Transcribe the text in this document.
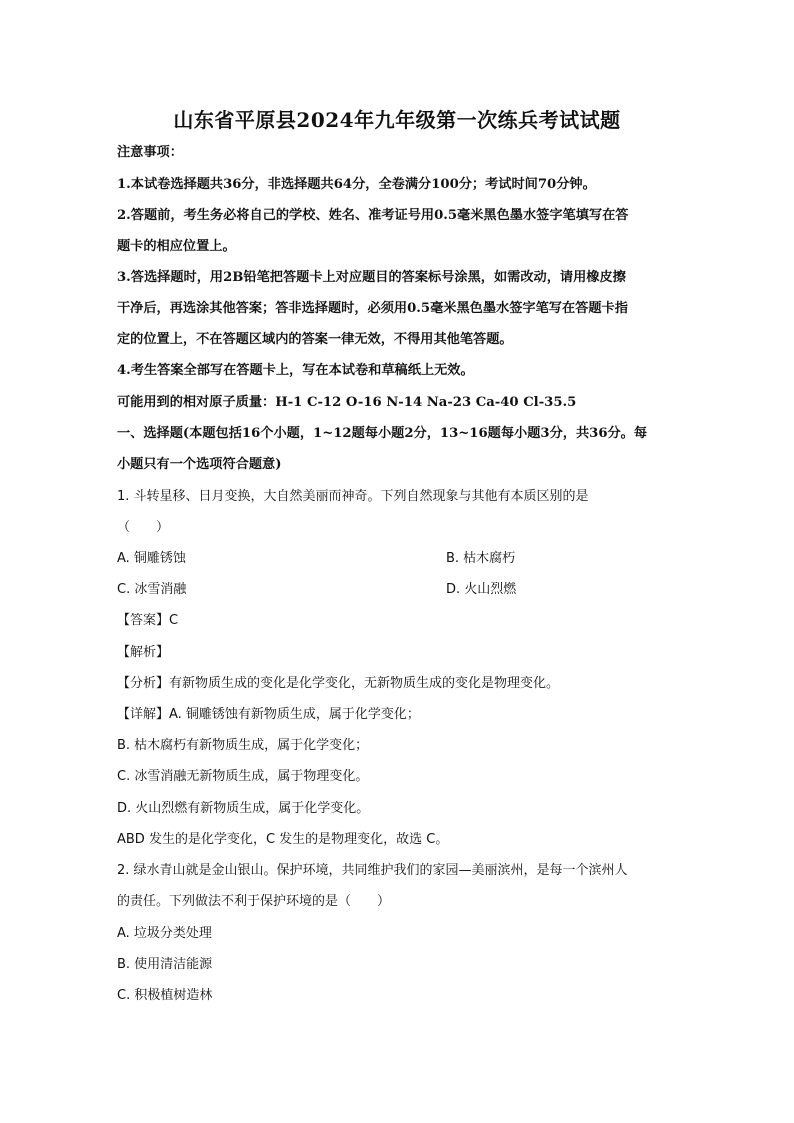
山东省平原县2024年九年级第一次练兵考试试题
注意事项：
1.本试卷选择题共36分，非选择题共64分，全卷满分100分；考试时间70分钟。
2.答题前，考生务必将自己的学校、姓名、准考证号用0.5毫米黑色墨水签字笔填写在答
题卡的相应位置上。
3.答选择题时，用2B铅笔把答题卡上对应题目的答案标号涂黑，如需改动，请用橡皮擦
干净后，再选涂其他答案；答非选择题时，必须用0.5毫米黑色墨水签字笔写在答题卡指
定的位置上，不在答题区域内的答案一律无效，不得用其他笔答题。
4.考生答案全部写在答题卡上，写在本试卷和草稿纸上无效。
可能用到的相对原子质量：H-1 C-12 O-16 N-14 Na-23 Ca-40 Cl-35.5
一、选择题(本题包括16个小题，1~12题每小题2分，13~16题每小题3分，共36分。每
小题只有一个选项符合题意)
1. 斗转星移、日月变换，大自然美丽而神奇。下列自然现象与其他有本质区别的是
（　　）
A. 铜雕锈蚀	B. 枯木腐朽
C. 冰雪消融	D. 火山烈燃
【答案】C
【解析】
【分析】有新物质生成的变化是化学变化，无新物质生成的变化是物理变化。
【详解】A. 铜雕锈蚀有新物质生成，属于化学变化；
B. 枯木腐朽有新物质生成，属于化学变化；
C. 冰雪消融无新物质生成，属于物理变化。
D. 火山烈燃有新物质生成，属于化学变化。
ABD 发生的是化学变化，C 发生的是物理变化，故选 C。
2. 绿水青山就是金山银山。保护环境，共同维护我们的家园—美丽滨州，是每一个滨州人
的责任。下列做法不利于保护环境的是（　　）
A. 垃圾分类处理
B. 使用清洁能源
C. 积极植树造林
